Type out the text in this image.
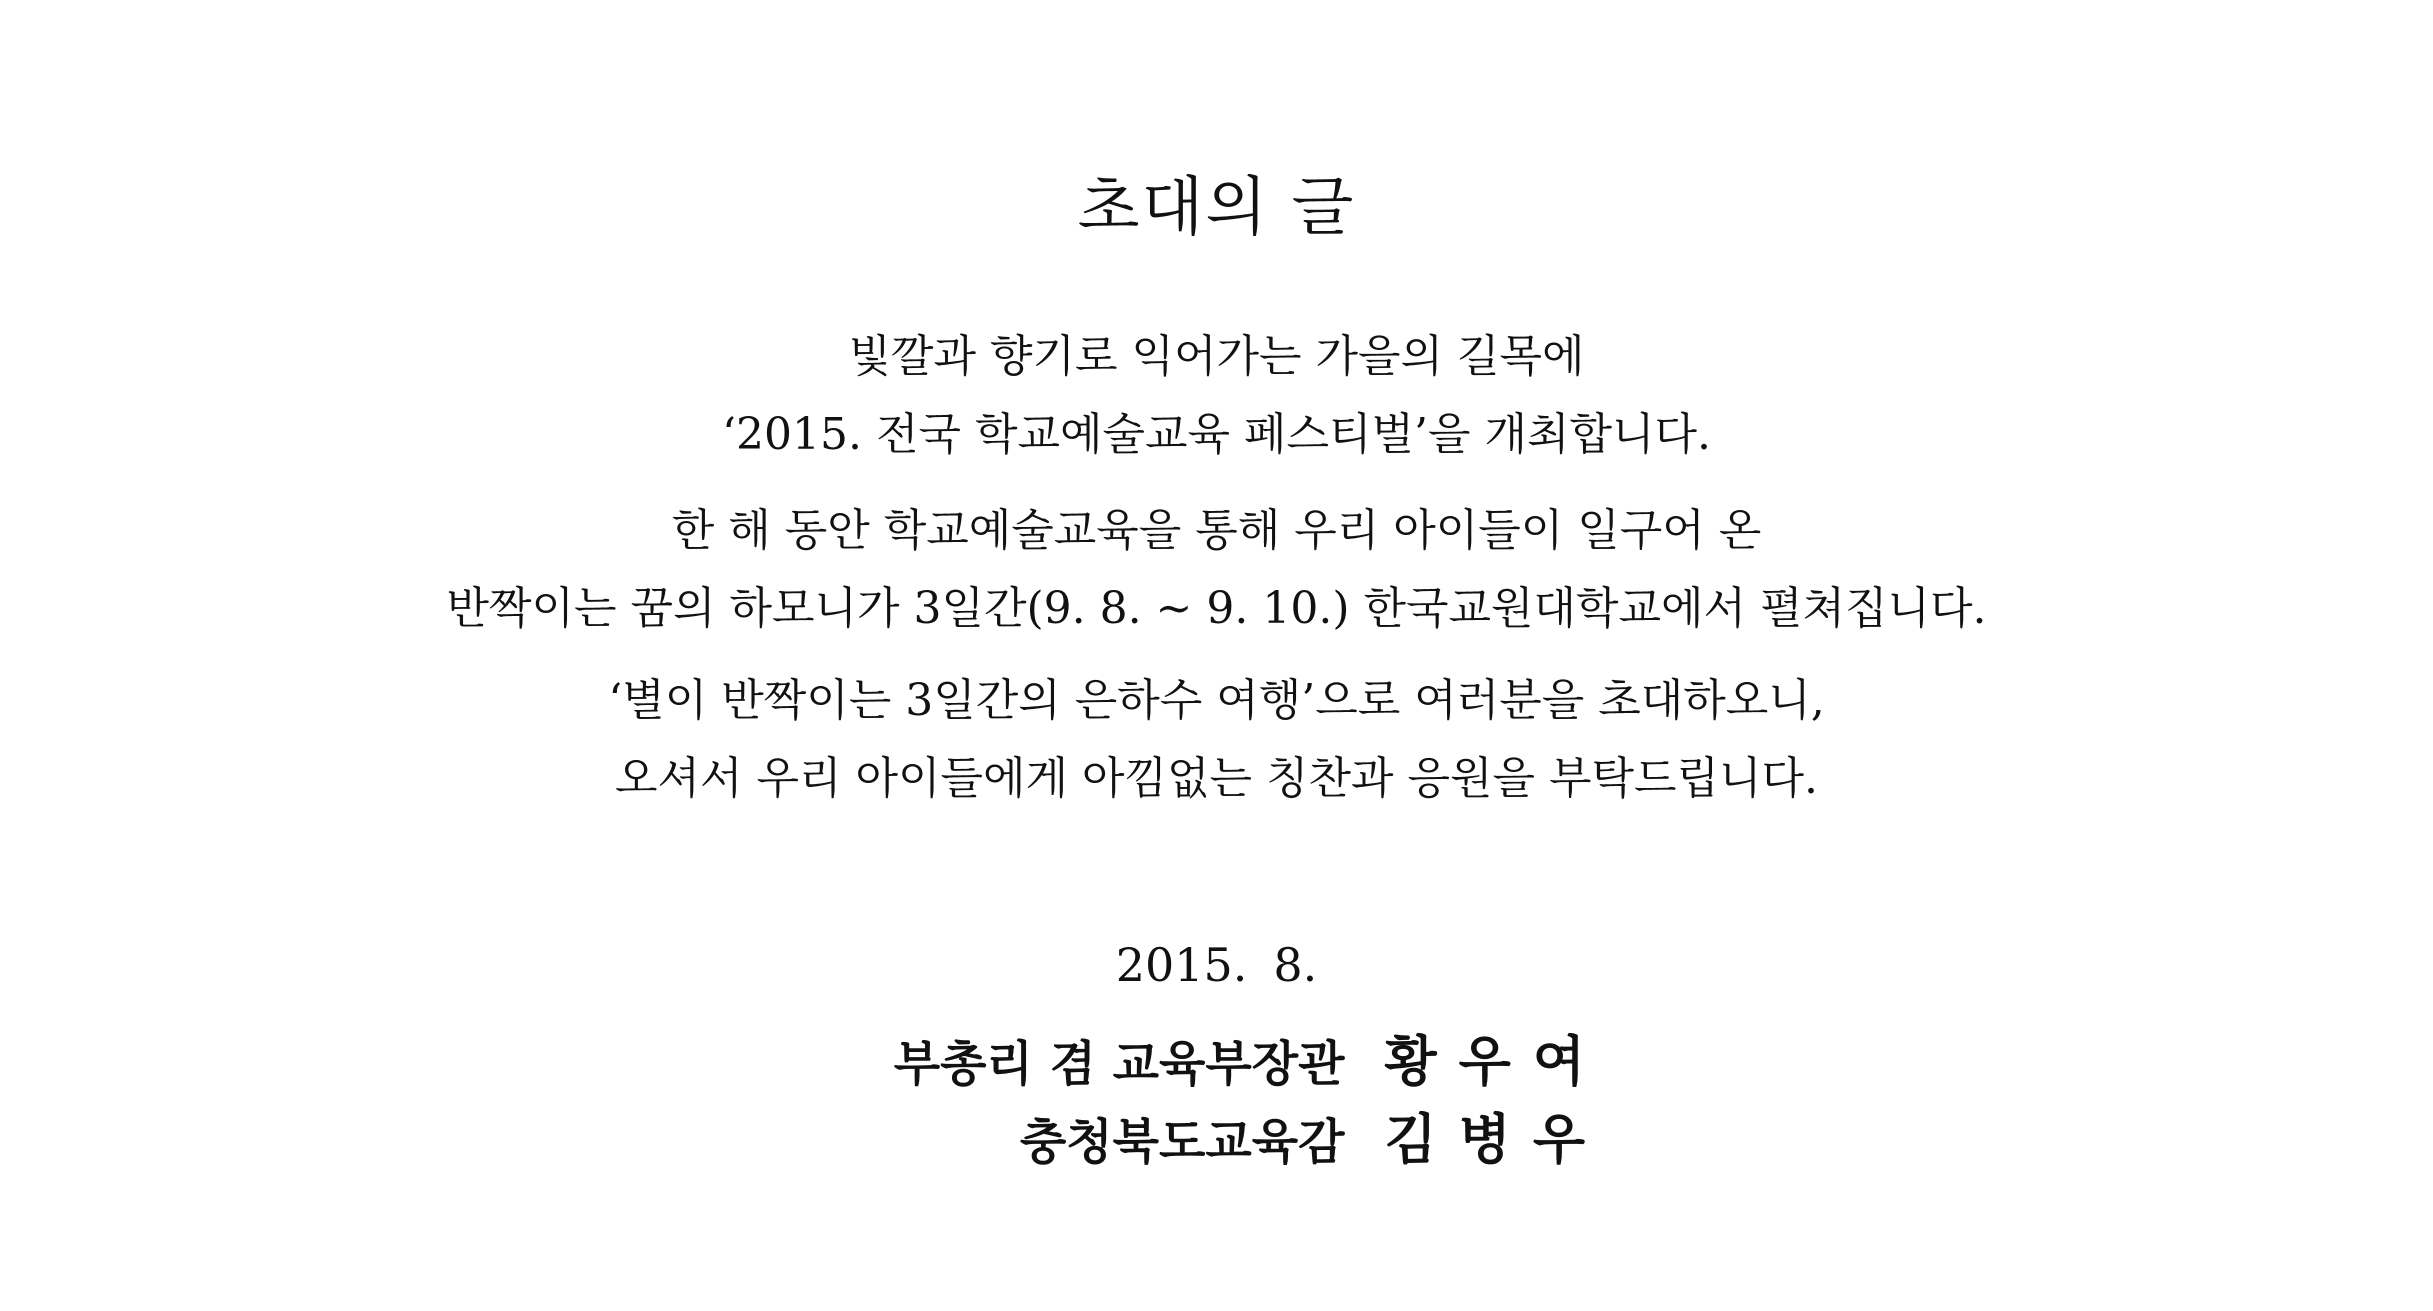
초대의 글
빛깔과 향기로 익어가는 가을의 길목에
‘2015. 전국 학교예술교육 페스티벌’을 개최합니다.
한 해 동안 학교예술교육을 통해 우리 아이들이 일구어 온
반짝이는 꿈의 하모니가 3일간(9. 8. ~ 9. 10.) 한국교원대학교에서 펼쳐집니다.
‘별이 반짝이는 3일간의 은하수 여행’으로 여러분을 초대하오니,
오셔서 우리 아이들에게 아낌없는 칭찬과 응원을 부탁드립니다.
2015. 8.
부총리 겸 교육부장관 황우여
충청북도교육감 김병우
